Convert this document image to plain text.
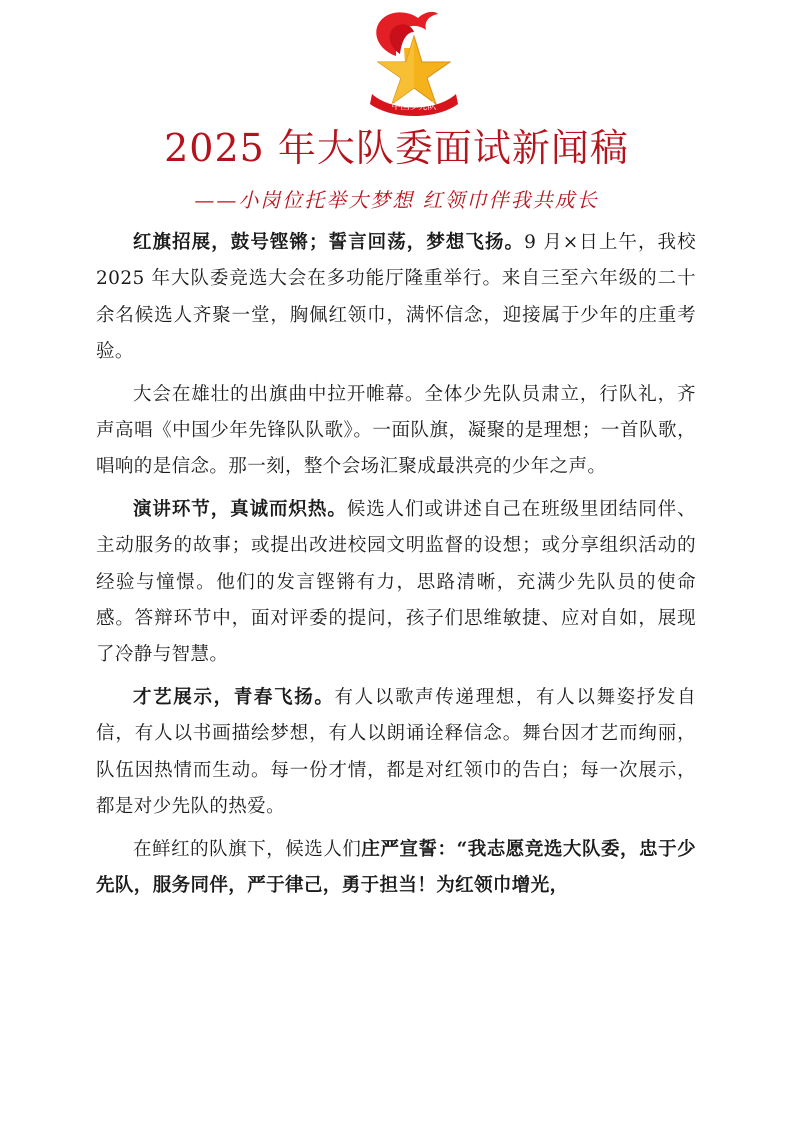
中国少先队
2025 年大队委面试新闻稿
——小岗位托举大梦想 红领巾伴我共成长

红旗招展，鼓号铿锵；誓言回荡，梦想飞扬。9 月×日上午，我校 2025 年大队委竞选大会在多功能厅隆重举行。来自三至六年级的二十余名候选人齐聚一堂，胸佩红领巾，满怀信念，迎接属于少年的庄重考验。

大会在雄壮的出旗曲中拉开帷幕。全体少先队员肃立，行队礼，齐声高唱《中国少年先锋队队歌》。一面队旗，凝聚的是理想；一首队歌，唱响的是信念。那一刻，整个会场汇聚成最洪亮的少年之声。

演讲环节，真诚而炽热。候选人们或讲述自己在班级里团结同伴、主动服务的故事；或提出改进校园文明监督的设想；或分享组织活动的经验与憧憬。他们的发言铿锵有力，思路清晰，充满少先队员的使命感。答辩环节中，面对评委的提问，孩子们思维敏捷、应对自如，展现了冷静与智慧。

才艺展示，青春飞扬。有人以歌声传递理想，有人以舞姿抒发自信，有人以书画描绘梦想，有人以朗诵诠释信念。舞台因才艺而绚丽，队伍因热情而生动。每一份才情，都是对红领巾的告白；每一次展示，都是对少先队的热爱。

在鲜红的队旗下，候选人们庄严宣誓：“我志愿竞选大队委，忠于少先队，服务同伴，严于律己，勇于担当！为红领巾增光，
